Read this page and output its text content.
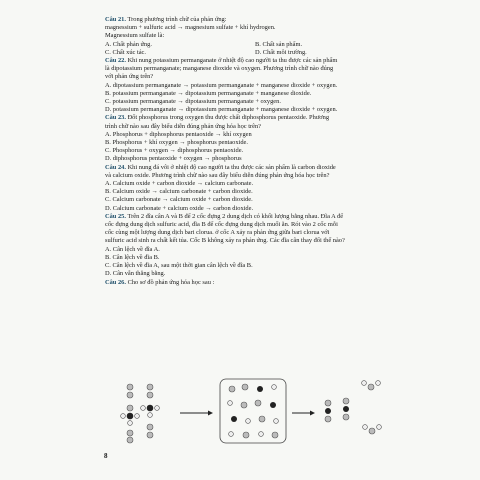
Câu 21. Trong phương trình chữ của phản ứng:
magnessium + sulfuric acid → magnesium sulfate + khí hydrogen.
Magnessium sulfate là:
A. Chất phản ứng.	B. Chất sản phẩm.
C. Chất xúc tác.	D. Chất môi trường.
Câu 22. Khi nung potassium permanganate ở nhiệt độ cao người ta thu được các sản phẩm
là dipotassium permanganate; manganese dioxide và oxygen. Phương trình chữ nào đúng
với phản ứng trên?
A. dipotassium permanganate → potassium permanganate + manganese dioxide + oxygen.
B. potassium permanganate → dipotassium permanganate + manganese dioxide.
C. potassium permanganate → dipotassium permanganate + oxygen.
D. potassium permanganate → dipotassium permanganate + manganese dioxide + oxygen.
Câu 23. Đốt phosphorus trong oxygen thu được chất diphosphorus pentaoxide. Phương
trình chữ nào sau đây biểu diễn đúng phản ứng hóa học trên?
A. Phosphorus + diphosphorus pentaoxide → khí oxygen
B. Phosphorus + khí oxygen → phosphorus pentaoxide.
C. Phosphorus + oxygen → diphosphorus pentaoxide.
D. diphosphorus pentaoxide + oxygen → phosphorus
Câu 24. Khi nung đá vôi ở nhiệt độ cao người ta thu được các sản phẩm là carbon dioxide
và calcium oxide. Phương trình chữ nào sau đây biểu diễn đúng phản ứng hóa học trên?
A. Calcium oxide + carbon dioxide → calcium carbonate.
B. Calcium oxide → calcium carbonate + carbon dioxide.
C. Calcium carbonate → calcium oxide + carbon dioxide.
D. Calcium carbonate + calcium oxide → carbon dioxide.
Câu 25. Trên 2 đĩa cân A và B để 2 cốc đựng 2 dung dịch có khối lượng bằng nhau. Đĩa A để
cốc đựng dung dịch sulfuric acid, đĩa B để cốc đựng dung dịch muối ăn. Rót vào 2 cốc mỗi
cốc cùng một lượng dung dịch bari clorua. ở cốc A xảy ra phản ứng giữa bari clorua với
sulfuric acid sinh ra chất kết tủa. Cốc B không xảy ra phản ứng. Các đĩa cân thay đổi thế nào?
A. Cân lệch về đĩa A.
B. Cân lệch về đĩa B.
C. Cân lệch về đĩa A, sau một thời gian cân lệch về đĩa B.
D. Cân vẫn thăng bằng.
Câu 26. Cho sơ đồ phản ứng hóa học sau :
8
